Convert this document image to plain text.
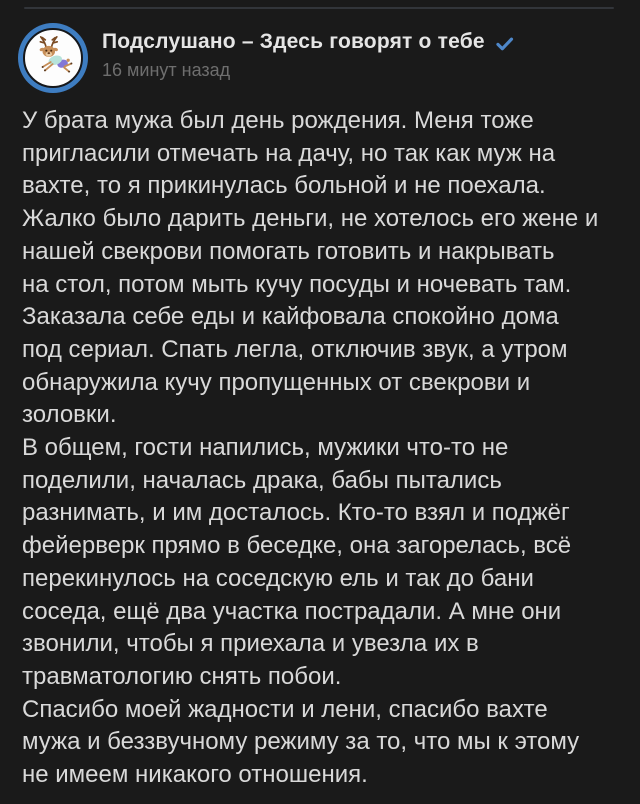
Подслушано – Здесь говорят о тебе
16 минут назад
У брата мужа был день рождения. Меня тоже
пригласили отмечать на дачу, но так как муж на
вахте, то я прикинулась больной и не поехала.
Жалко было дарить деньги, не хотелось его жене и
нашей свекрови помогать готовить и накрывать
на стол, потом мыть кучу посуды и ночевать там.
Заказала себе еды и кайфовала спокойно дома
под сериал. Спать легла, отключив звук, а утром
обнаружила кучу пропущенных от свекрови и
золовки.
В общем, гости напились, мужики что-то не
поделили, началась драка, бабы пытались
разнимать, и им досталось. Кто-то взял и поджёг
фейерверк прямо в беседке, она загорелась, всё
перекинулось на соседскую ель и так до бани
соседа, ещё два участка пострадали. А мне они
звонили, чтобы я приехала и увезла их в
травматологию снять побои.
Спасибо моей жадности и лени, спасибо вахте
мужа и беззвучному режиму за то, что мы к этому
не имеем никакого отношения.
